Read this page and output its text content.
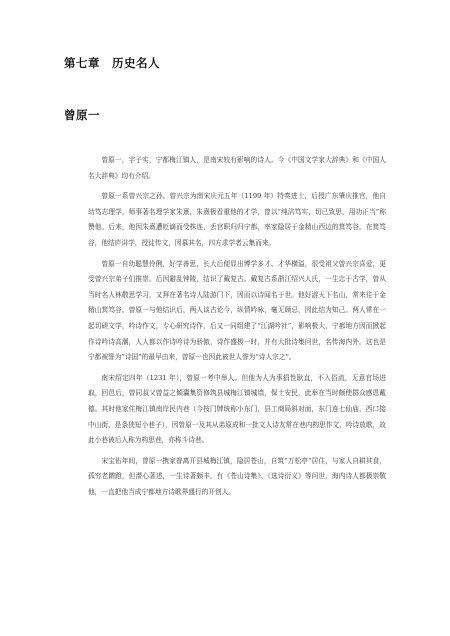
第七章　历史名人
曾原一

曾原一，字子实，宁都梅江镇人，是南宋较有影响的诗人。今《中国文学家大辞典》和《中国人名大辞典》均有介绍。

曾原一系曾兴宗之孙。曾兴宗为南宋庆元五年（1199 年）特奏进士，后授广东肇庆推官，他自幼笃志理学，师事著名理学家朱熹，朱熹极看重他的才学，曾以“纯洁笃实，切已致思，用功正当”称赞他。后来，他因朱熹遭贬谪而受株连，丢官职归归宁都，率家隐居于金精山西边的箕笃谷。在箕笃谷，他结庐讲学，授徒传文，因慕其名，四方求学者云集而来。

曾原一自幼聪慧伶俐，好学善思，长大后便显出博学多才、才华横溢，很受祖父曾兴宗喜爱，更受曾兴宗弟子们推崇。后因避乱钟陵，结识了戴复古。戴复古系浙江绍兴人氏，一生忠于古学，曾从当时名人林敬思学习，又拜在著名诗人陆游门下，因而以诗闻名于世。他好游天下名山，常来往于金精山箕笃谷。曾原一与他结识后，两人谈古论今，纵情吟咏，毫无顾忌，因此结为知己。两人常在一起切磋文学，吟诗作文，专心研究诗作，后又一同组建了“江湖吟社”，影响极大，宁都地方因而掀起作诗吟诗高潮，人人都以作诗吟诗为骄傲，诗作盛极一时，并有大批诗集问世，名传海内外。这也是宁都被誉为“诗国”的最早由来，曾原一也因此被世人誉为“诗人宗之”。

南宋绍定四年（1231 年），曾原一考中举人。但他为人为事狷性耿直，不入俗流，无意官场进取，回邑后，曾同叔父曾益之倾囊集资修筑县城梅江镇城墙，保土安民，此举在当时颇使群众感恩戴德。其时他家住梅江镇南岸民内巷（今按门牌统称小东门，县工商局斜对面，东门连七仙庙，西口接中山街，是条狭短小巷子），因曾原一及其从弟原成和一批文人诗友常在巷内构思作文，吟诗放歌，故此小巷被后人称为构思巷，亦称斗诗巷。

宋宝佑年间，曾原一携家眷离开县城梅江镇，隐居苍山，自筑“万松亭”居住，与家人自耕其食，孤穷老蹭蹬，但潜心著述，一生诗著颇丰，有《苍山诗集》、《选诗衍义》等问世，海内诗人都极崇敬他，一直把他当成宁都地方诗歌界盛行的开创人。
